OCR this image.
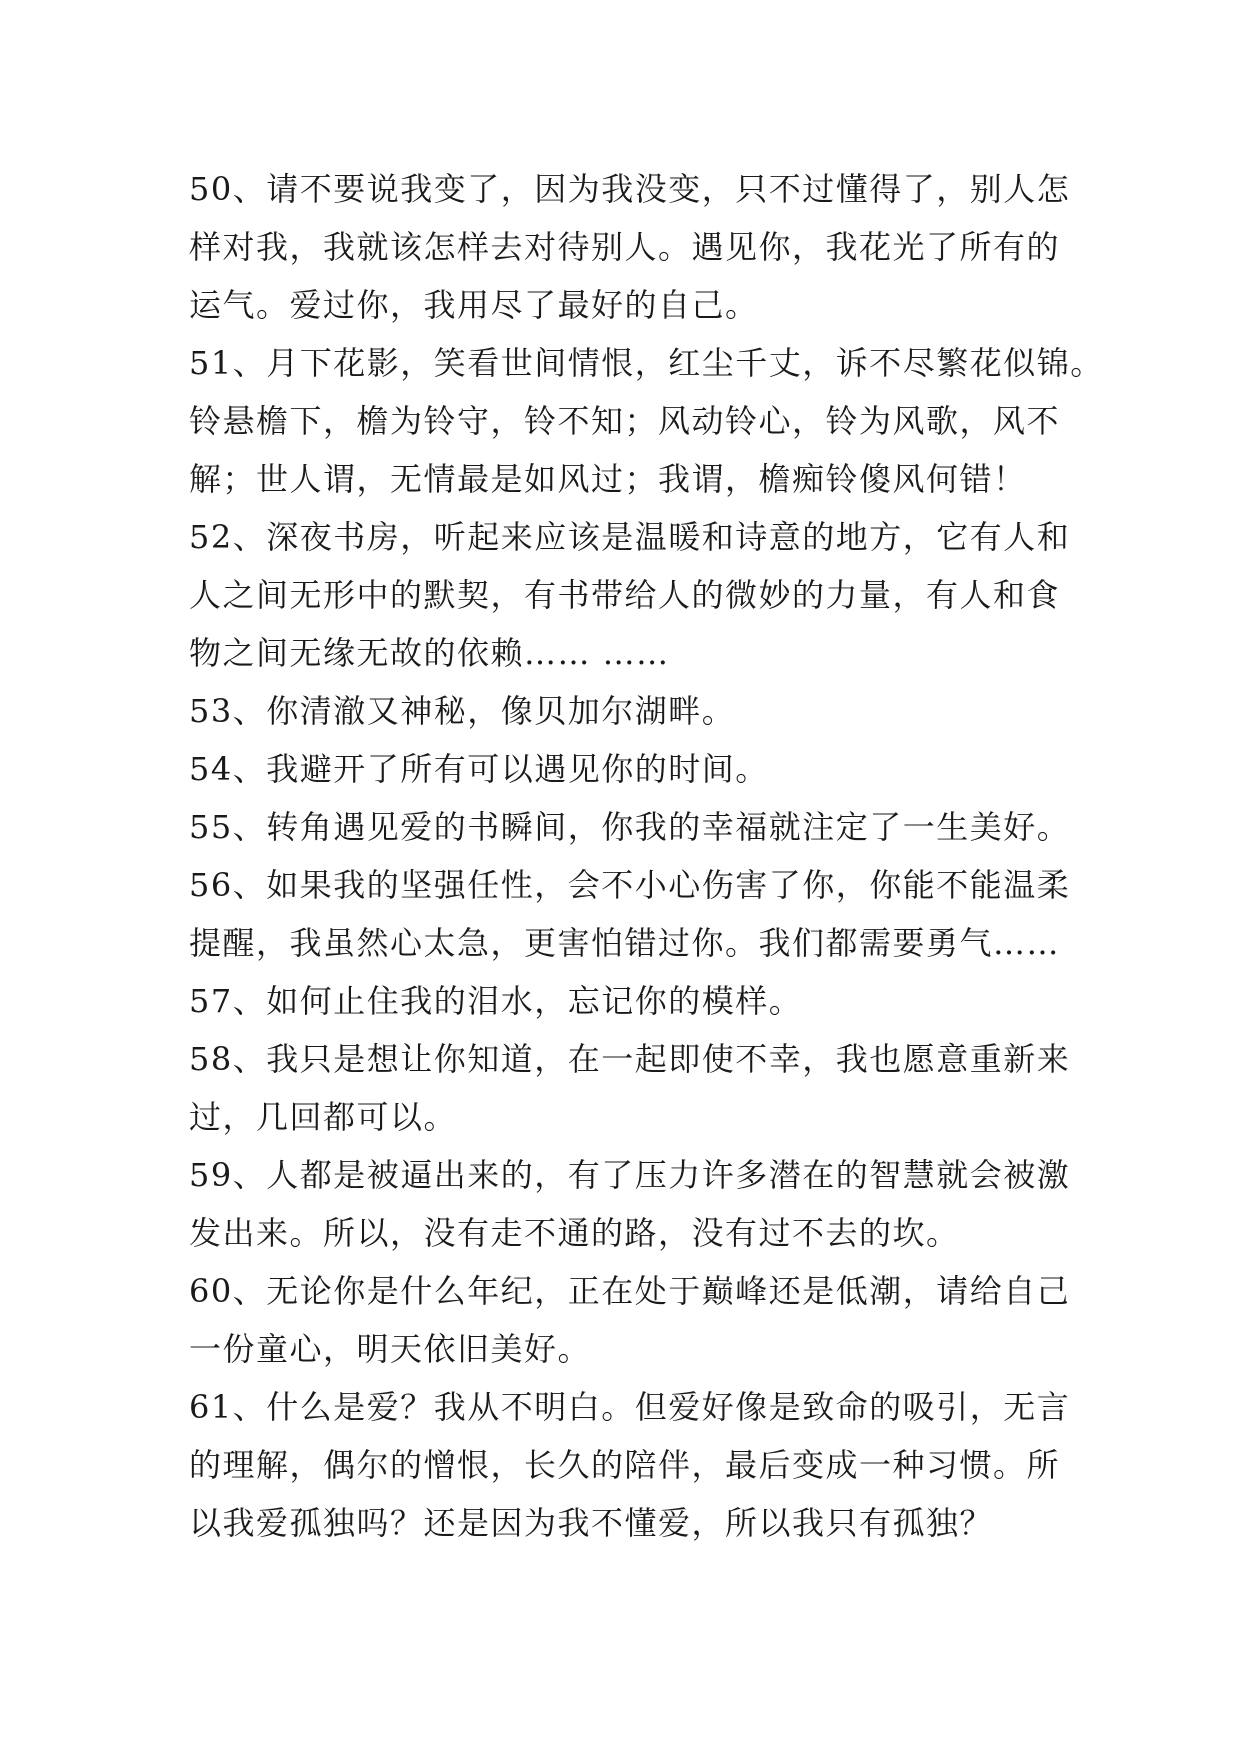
50、请不要说我变了，因为我没变，只不过懂得了，别人怎
样对我，我就该怎样去对待别人。遇见你，我花光了所有的
运气。爱过你，我用尽了最好的自己。
51、月下花影，笑看世间情恨，红尘千丈，诉不尽繁花似锦。
铃悬檐下，檐为铃守，铃不知；风动铃心，铃为风歌，风不
解；世人谓，无情最是如风过；我谓，檐痴铃傻风何错！
52、深夜书房，听起来应该是温暖和诗意的地方，它有人和
人之间无形中的默契，有书带给人的微妙的力量，有人和食
物之间无缘无故的依赖…… ……
53、你清澈又神秘，像贝加尔湖畔。
54、我避开了所有可以遇见你的时间。
55、转角遇见爱的书瞬间，你我的幸福就注定了一生美好。
56、如果我的坚强任性，会不小心伤害了你，你能不能温柔
提醒，我虽然心太急，更害怕错过你。我们都需要勇气……
57、如何止住我的泪水，忘记你的模样。
58、我只是想让你知道，在一起即使不幸，我也愿意重新来
过，几回都可以。
59、人都是被逼出来的，有了压力许多潜在的智慧就会被激
发出来。所以，没有走不通的路，没有过不去的坎。
60、无论你是什么年纪，正在处于巅峰还是低潮，请给自己
一份童心，明天依旧美好。
61、什么是爱？我从不明白。但爱好像是致命的吸引，无言
的理解，偶尔的憎恨，长久的陪伴，最后变成一种习惯。所
以我爱孤独吗？还是因为我不懂爱，所以我只有孤独？
